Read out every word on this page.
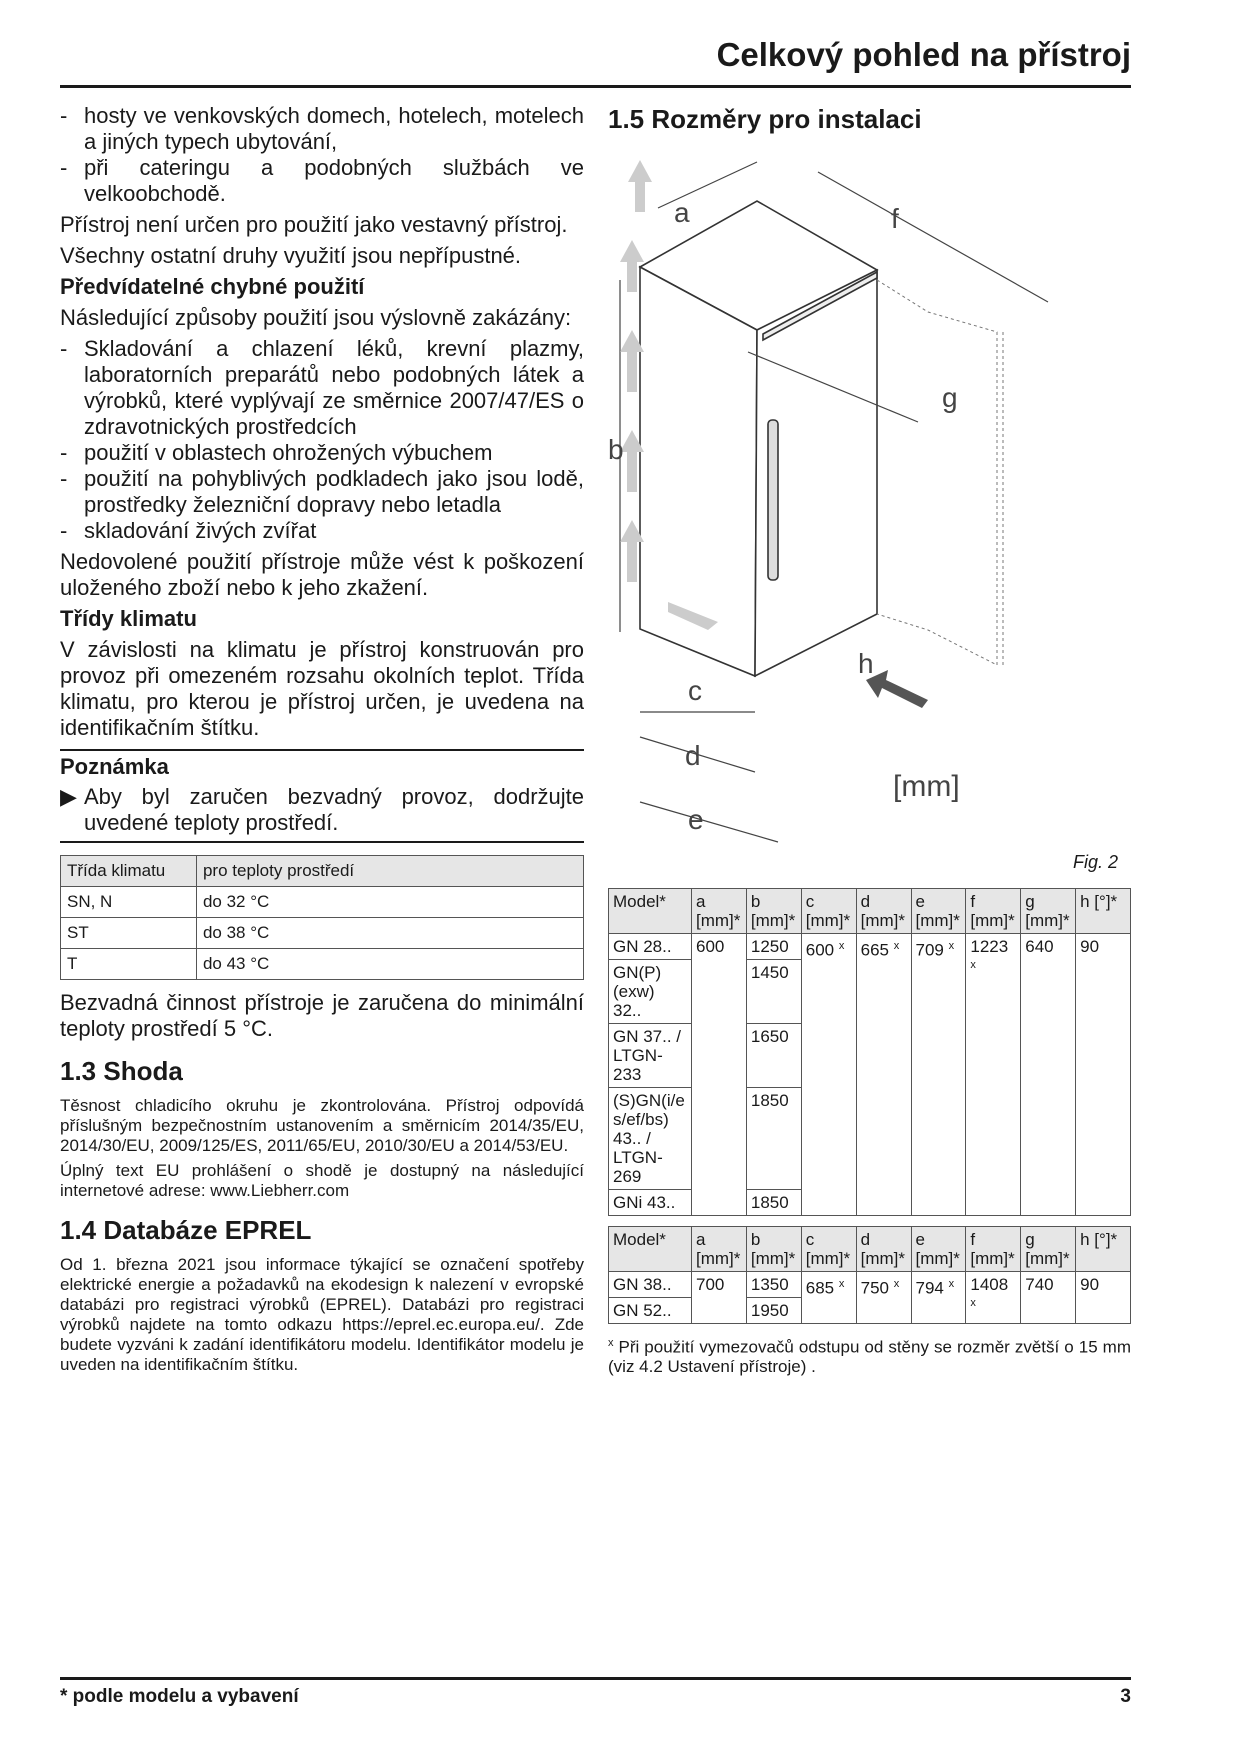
Celkový pohled na přístroj
- hosty ve venkovských domech, hotelech, motelech a jiných typech ubytování,
- při cateringu a podobných službách ve velkoobchodě.

Přístroj není určen pro použití jako vestavný přístroj.

Všechny ostatní druhy využití jsou nepřípustné.

Předvídatelné chybné použití

Následující způsoby použití jsou výslovně zakázány:

- Skladování a chlazení léků, krevní plazmy, laboratorních preparátů nebo podobných látek a výrobků, které vyplývají ze směrnice 2007/47/ES o zdravotnických prostředcích
- použití v oblastech ohrožených výbuchem
- použití na pohyblivých podkladech jako jsou lodě, prostředky železniční dopravy nebo letadla
- skladování živých zvířat

Nedovolené použití přístroje může vést k poškození uloženého zboží nebo k jeho zkažení.

Třídy klimatu

V závislosti na klimatu je přístroj konstruován pro provoz při omezeném rozsahu okolních teplot. Třída klimatu, pro kterou je přístroj určen, je uvedena na identifikačním štítku.

Poznámka
▶ Aby byl zaručen bezvadný provoz, dodržujte uvedené teploty prostředí.
Třída klimatu	pro teploty prostředí
SN, N	do 32 °C
ST	do 38 °C
T	do 43 °C

Bezvadná činnost přístroje je zaručena do minimální teploty prostředí 5 °C.

1.3 Shoda

Těsnost chladicího okruhu je zkontrolována. Přístroj odpovídá příslušným bezpečnostním ustanovením a směrnicím 2014/35/EU, 2014/30/EU, 2009/125/ES, 2011/65/EU, 2010/30/EU a 2014/53/EU.

Úplný text EU prohlášení o shodě je dostupný na následující internetové adrese: www.Liebherr.com

1.4 Databáze EPREL

Od 1. března 2021 jsou informace týkající se označení spotřeby elektrické energie a požadavků na ekodesign k nalezení v evropské databázi pro registraci výrobků (EPREL). Databázi pro registraci výrobků najdete na tomto odkazu https://eprel.ec.europa.eu/. Zde budete vyzváni k zadání identifikátoru modelu. Identifikátor modelu je uveden na identifikačním štítku.

1.5 Rozměry pro instalaci
a	f
g
b
c
d
e
h
[mm]
Fig. 2
Model*	a [mm]*	b [mm]*	c [mm]*	d [mm]*	e [mm]*	f [mm]*	g [mm]*	h [°]*
GN 28..	600	1250	600 $^x$	665 $^x$	709 $^x$	1223 $^x$	640	90
GN(P) (exw) 32..		1450						
GN 37.. / LTGN-233		1650						
(S)GN(i/es/ef/bs) 43.. / LTGN-269		1850						
GNi 43..		1850						
Model*	a [mm]*	b [mm]*	c [mm]*	d [mm]*	e [mm]*	f [mm]*	g [mm]*	h [°]*
GN 38..	700	1350	685 $^x$	750 $^x$	794 $^x$	1408 $^x$	740	90
GN 52..		1950						
$^x$ Při použití vymezovačů odstupu od stěny se rozměr zvětší o 15 mm (viz 4.2 Ustavení přístroje) .
* podle modelu a vybavení	3
